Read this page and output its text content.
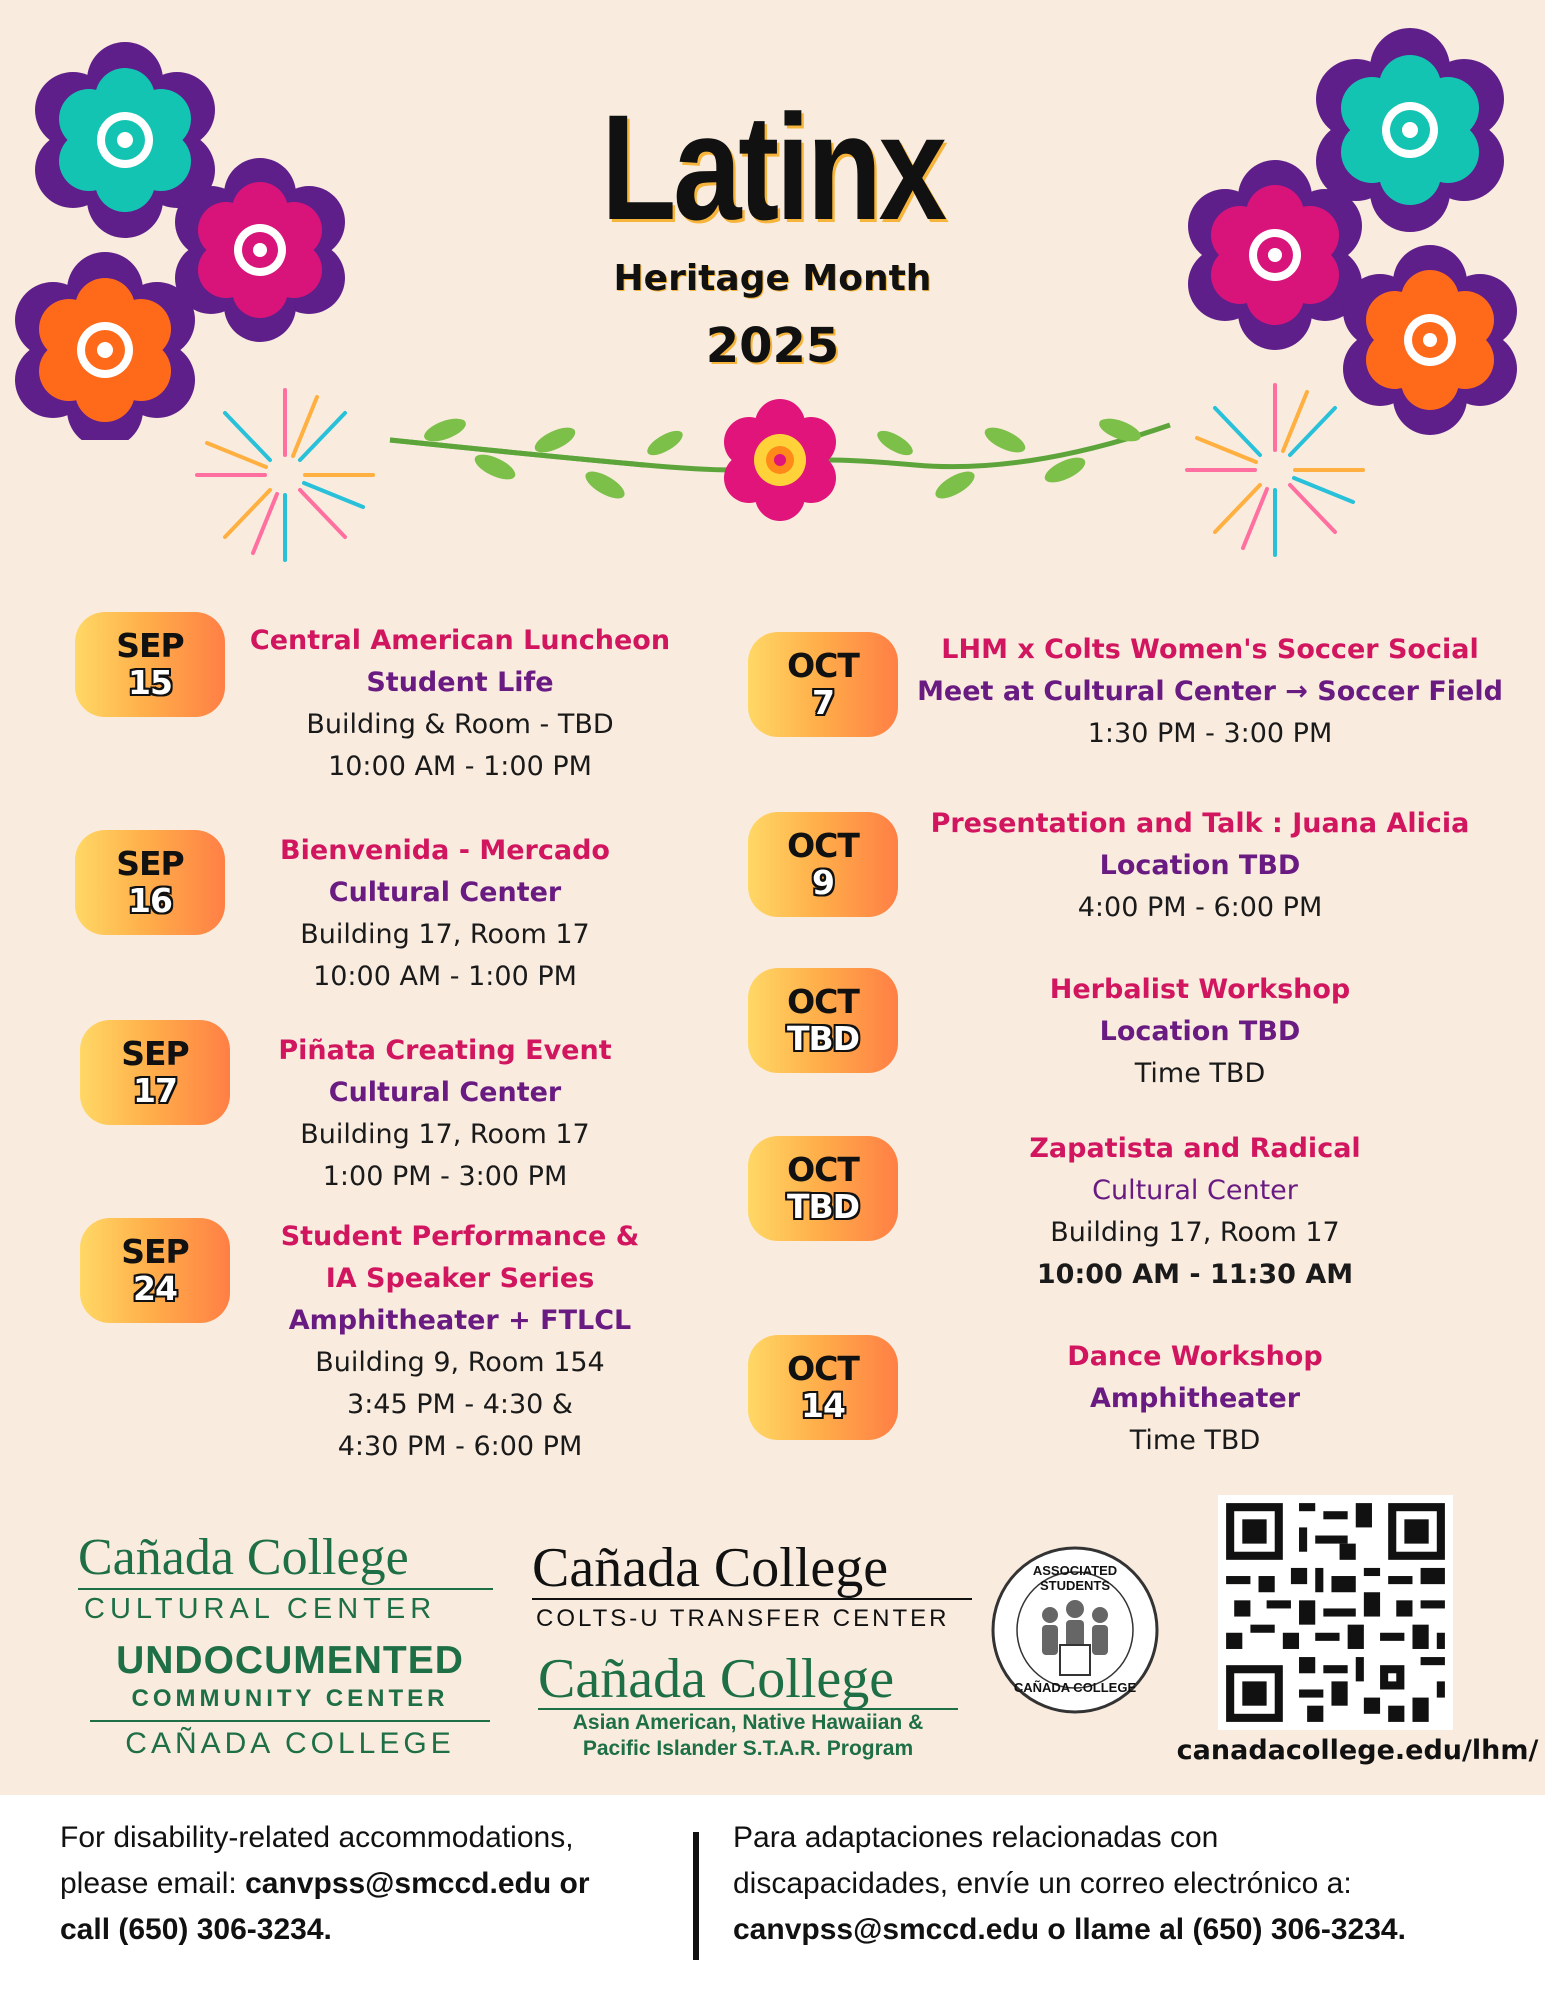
Latinx
Heritage Month
2025
SEP
15
Central American Luncheon
Student Life
Building & Room - TBD
10:00 AM - 1:00 PM
SEP
16
Bienvenida - Mercado
Cultural Center
Building 17, Room 17
10:00 AM - 1:00 PM
SEP
17
Piñata Creating Event
Cultural Center
Building 17, Room 17
1:00 PM - 3:00 PM
SEP
24
Student Performance &
IA Speaker Series
Amphitheater + FTLCL
Building 9, Room 154
3:45 PM - 4:30 &
4:30 PM - 6:00 PM
OCT
7
LHM x Colts Women's Soccer Social
Meet at Cultural Center → Soccer Field
1:30 PM - 3:00 PM
OCT
9
Presentation and Talk : Juana Alicia
Location TBD
4:00 PM - 6:00 PM
OCT
TBD
Herbalist Workshop
Location TBD
Time TBD
OCT
TBD
Zapatista and Radical
Cultural Center
Building 17, Room 17
10:00 AM - 11:30 AM
OCT
14
Dance Workshop
Amphitheater
Time TBD
Cañada College
CULTURAL CENTER
UNDOCUMENTED
COMMUNITY CENTER
CAÑADA COLLEGE
Cañada College
COLTS-U TRANSFER CENTER
Cañada College
Asian American, Native Hawaiian &
Pacific Islander S.T.A.R. Program
ASSOCIATED STUDENTS
CAÑADA COLLEGE
canadacollege.edu/lhm/
For disability-related accommodations,
please email: canvpss@smccd.edu or
call (650) 306-3234.
Para adaptaciones relacionadas con
discapacidades, envíe un correo electrónico a:
canvpss@smccd.edu o llame al (650) 306-3234.
